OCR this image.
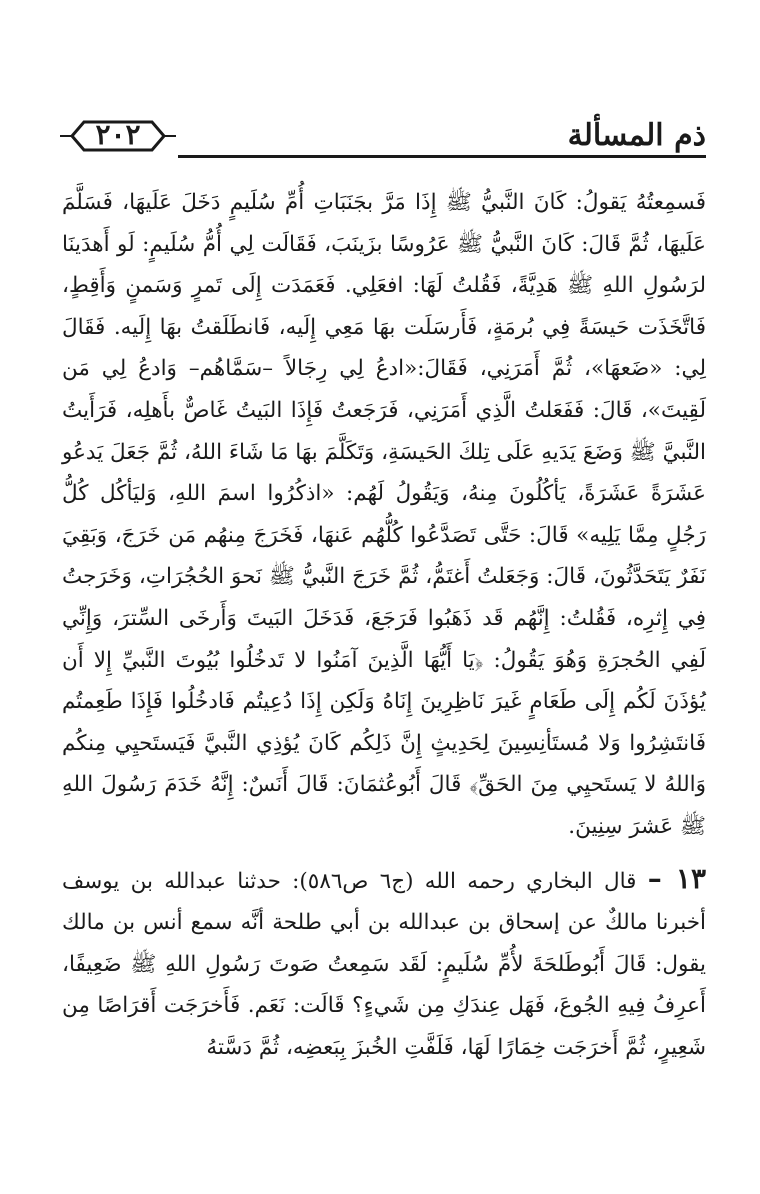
ذم المسألة
٢٠٢

فَسمِعتُهُ يَقولُ: كَانَ النَّبيُّ ﷺ إِذَا مَرَّ بجَنَبَاتِ أُمِّ سُلَيمٍ دَخَلَ عَلَيهَا، فَسَلَّمَ عَلَيهَا، ثُمَّ قَالَ: كَانَ النَّبيُّ ﷺ عَرُوسًا بزَينَبَ، فَقَالَت لِي أُمُّ سُلَيمٍ: لَو أَهدَينَا لرَسُولِ اللهِ ﷺ هَدِيَّةً، فَقُلتُ لَهَا: افعَلِي. فَعَمَدَت إِلَى تَمرٍ وَسَمنٍ وَأَقِطٍ، فَاتَّخَذَت حَيسَةً فِي بُرمَةٍ، فَأَرسَلَت بهَا مَعِي إِلَيه، فَانطَلَقتُ بهَا إِلَيه. فَقَالَ لِي: «ضَعهَا»، ثُمَّ أَمَرَنِي، فَقَالَ:«ادعُ لِي رِجَالاً –سَمَّاهُم– وَادعُ لِي مَن لَقِيتَ»، قَالَ: فَفَعَلتُ الَّذِي أَمَرَنِي، فَرَجَعتُ فَإِذَا البَيتُ غَاصٌّ بأَهلِه، فَرَأَيتُ النَّبيَّ ﷺ وَضَعَ يَدَيهِ عَلَى تِلكَ الحَيسَةِ، وَتَكَلَّمَ بهَا مَا شَاءَ اللهُ، ثُمَّ جَعَلَ يَدعُو عَشَرَةً عَشَرَةً، يَأكُلُونَ مِنهُ، وَيَقُولُ لَهُم: «اذكُرُوا اسمَ اللهِ، وَليَأكُل كُلُّ رَجُلٍ مِمَّا يَلِيه» قَالَ: حَتَّى تَصَدَّعُوا كُلُّهُم عَنهَا، فَخَرَجَ مِنهُم مَن خَرَجَ، وَبَقِيَ نَفَرٌ يَتَحَدَّثُونَ، قَالَ: وَجَعَلتُ أَغتَمُّ، ثُمَّ خَرَجَ النَّبيُّ ﷺ نَحوَ الحُجُرَاتِ، وَخَرَجتُ فِي إِثرِه، فَقُلتُ: إِنَّهُم قَد ذَهَبُوا فَرَجَعَ، فَدَخَلَ البَيتَ وَأَرخَى السِّترَ، وَإِنِّي لَفِي الحُجرَةِ وَهُوَ يَقُولُ: ﴿يَا أَيُّهَا الَّذِينَ آمَنُوا لا تَدخُلُوا بُيُوتَ النَّبيِّ إِلا أَن يُؤذَنَ لَكُم إِلَى طَعَامٍ غَيرَ نَاظِرِينَ إِنَاهُ وَلَكِن إِذَا دُعِيتُم فَادخُلُوا فَإِذَا طَعِمتُم فَانتَشِرُوا وَلا مُستَأنِسِينَ لِحَدِيثٍ إِنَّ ذَلِكُم كَانَ يُؤذِي النَّبيَّ فَيَستَحيِي مِنكُم وَاللهُ لا يَستَحيِي مِنَ الحَقِّ﴾ قَالَ أَبُوعُثمَانَ: قَالَ أَنَسٌ: إِنَّهُ خَدَمَ رَسُولَ اللهِ ﷺ عَشرَ سِنِينَ.

١٣ – قال البخاري رحمه الله (ج٦ ص٥٨٦): حدثنا عبدالله بن يوسف أخبرنا مالكٌ عن إسحاق بن عبدالله بن أبي طلحة أنَّه سمع أنس بن مالك يقول: قَالَ أَبُوطَلحَةَ لأُمِّ سُلَيمٍ: لَقَد سَمِعتُ صَوتَ رَسُولِ اللهِ ﷺ ضَعِيفًا، أَعرِفُ فِيهِ الجُوعَ، فَهَل عِندَكِ مِن شَيءٍ؟ قَالَت: نَعَم. فَأَخرَجَت أَقرَاصًا مِن شَعِيرٍ، ثُمَّ أَخرَجَت خِمَارًا لَهَا، فَلَفَّتِ الخُبزَ بِبَعضِه، ثُمَّ دَسَّتهُ
